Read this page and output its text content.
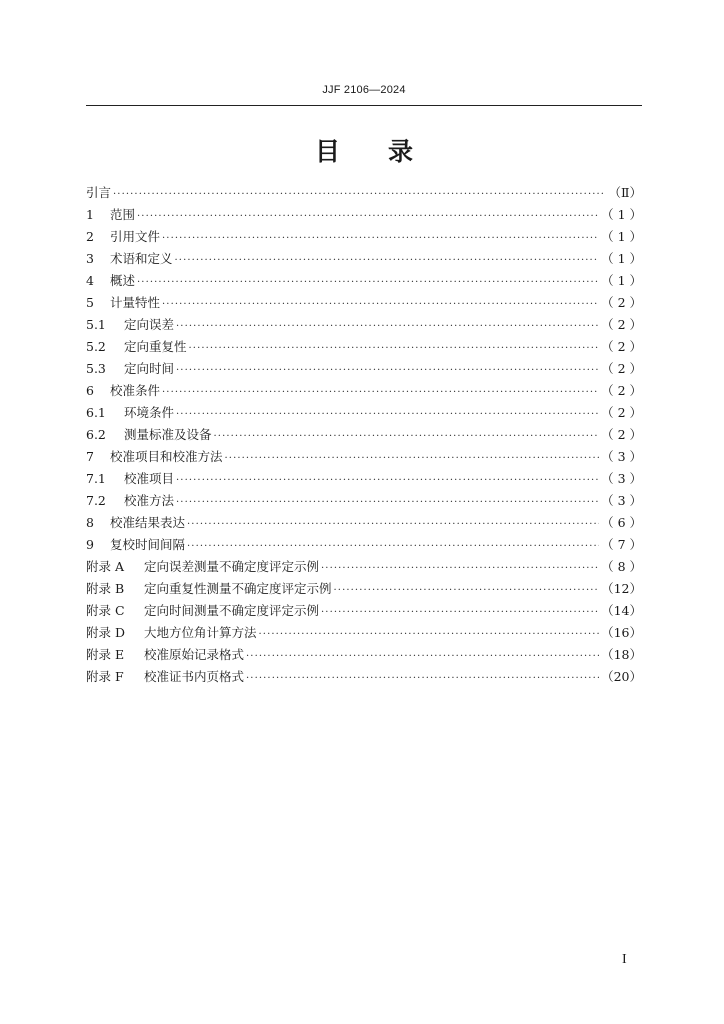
JJF 2106—2024
目 录
引言 ·····	（Ⅱ）
1	范围 ·····	（ 1 ）
2	引用文件 ·····	（ 1 ）
3	术语和定义 ·····	（ 1 ）
4	概述 ·····	（ 1 ）
5	计量特性 ·····	（ 2 ）
5.1	定向误差 ·····	（ 2 ）
5.2	定向重复性 ·····	（ 2 ）
5.3	定向时间 ·····	（ 2 ）
6	校准条件 ·····	（ 2 ）
6.1	环境条件 ·····	（ 2 ）
6.2	测量标准及设备 ·····	（ 2 ）
7	校准项目和校准方法 ·····	（ 3 ）
7.1	校准项目 ·····	（ 3 ）
7.2	校准方法 ·····	（ 3 ）
8	校准结果表达 ·····	（ 6 ）
9	复校时间间隔 ·····	（ 7 ）
附录 A	定向误差测量不确定度评定示例 ·····	（ 8 ）
附录 B	定向重复性测量不确定度评定示例 ·····	（12）
附录 C	定向时间测量不确定度评定示例 ·····	（14）
附录 D	大地方位角计算方法 ·····	（16）
附录 E	校准原始记录格式 ·····	（18）
附录 F	校准证书内页格式 ·····	（20）
I
